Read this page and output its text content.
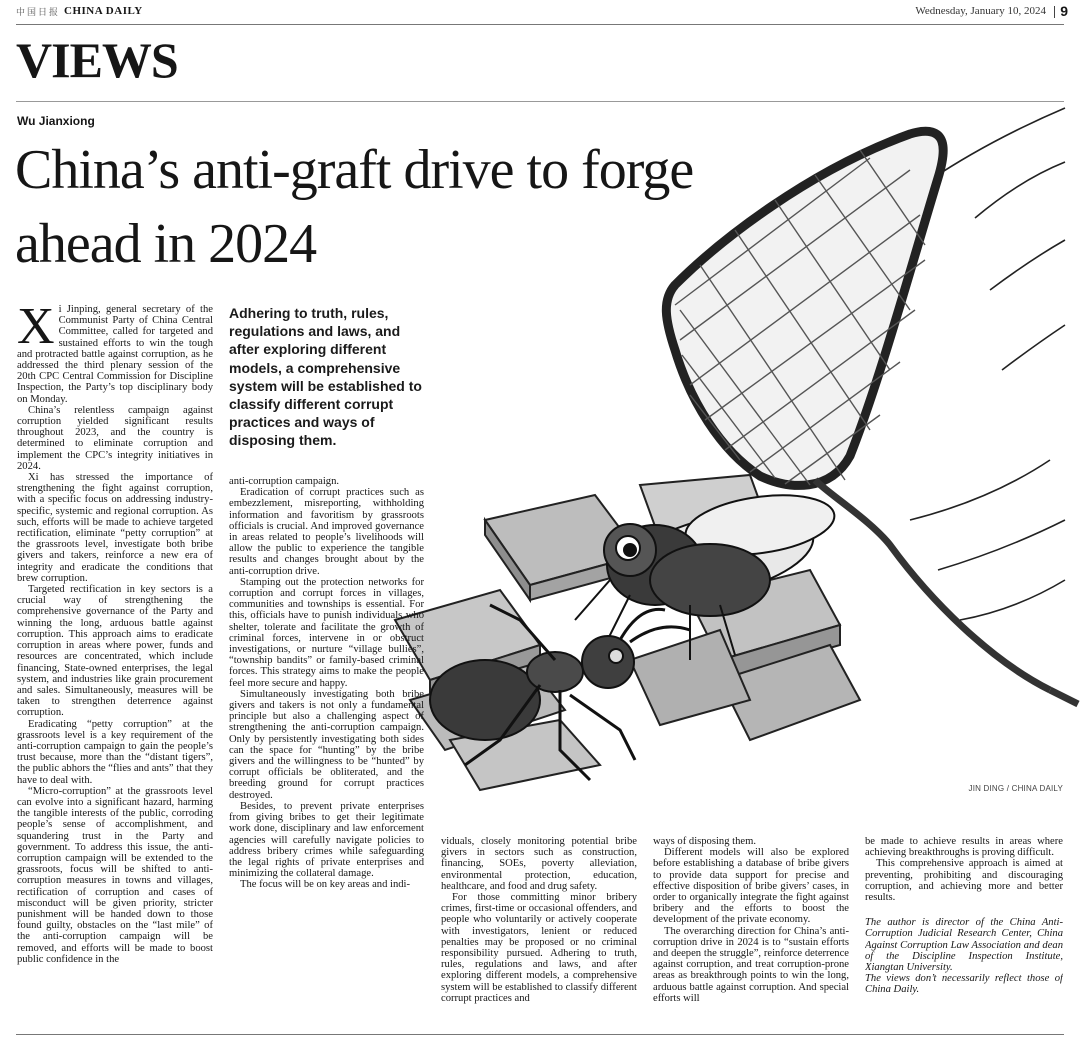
中国日报 CHINA DAILY	Wednesday, January 10, 2024 9
VIEWS
Wu Jianxiong
China’s anti-graft drive to forge ahead in 2024
Adhering to truth, rules, regulations and laws, and after exploring different models, a comprehensive system will be established to classify different corrupt practices and ways of disposing them.

Xi Jinping, general secretary of the Communist Party of China Central Committee, called for targeted and sustained efforts to win the tough and protracted battle against corruption, as he addressed the third plenary session of the 20th CPC Central Commission for Discipline Inspection, the Party’s top disciplinary body on Monday.

China’s relentless campaign against corruption yielded significant results throughout 2023, and the country is determined to eliminate corruption and implement the CPC’s integrity initiatives in 2024.

Xi has stressed the importance of strengthening the fight against corruption, with a specific focus on addressing industry-specific, systemic and regional corruption. As such, efforts will be made to achieve targeted rectification, eliminate “petty corruption” at the grassroots level, investigate both bribe givers and takers, reinforce a new era of integrity and eradicate the conditions that brew corruption.

Targeted rectification in key sectors is a crucial way of strengthening the comprehensive governance of the Party and winning the long, arduous battle against corruption. This approach aims to eradicate corruption in areas where power, funds and resources are concentrated, which include financing, State-owned enterprises, the legal system, and industries like grain procurement and sales. Simultaneously, measures will be taken to strengthen deterrence against corruption.

Eradicating “petty corruption” at the grassroots level is a key requirement of the anti-corruption campaign to gain the people’s trust because, more than the “distant tigers”, the public abhors the “flies and ants” that they have to deal with.

“Micro-corruption” at the grassroots level can evolve into a significant hazard, harming the tangible interests of the public, corroding people’s sense of accomplishment, and squandering trust in the Party and government. To address this issue, the anti-corruption campaign will be extended to the grassroots, focus will be shifted to anti-corruption measures in towns and villages, rectification of corruption and cases of misconduct will be given priority, stricter punishment will be handed down to those found guilty, obstacles on the “last mile” of the anti-corruption campaign will be removed, and efforts will be made to boost public confidence in the

anti-corruption campaign.

Eradication of corrupt practices such as embezzlement, misreporting, withholding information and favoritism by grassroots officials is crucial. And improved governance in areas related to people’s livelihoods will allow the public to experience the tangible results and changes brought about by the anti-corruption drive.

Stamping out the protection networks for corruption and corrupt forces in villages, communities and townships is essential. For this, officials have to punish individuals who shelter, tolerate and facilitate the growth of criminal forces, intervene in or obstruct investigations, or nurture “village bullies”, “township bandits” or family-based criminal forces. This strategy aims to make the people feel more secure and happy.

Simultaneously investigating both bribe givers and takers is not only a fundamental principle but also a challenging aspect of strengthening the anti-corruption campaign. Only by persistently investigating both sides can the space for “hunting” by the bribe givers and the willingness to be “hunted” by corrupt officials be obliterated, and the breeding ground for corrupt practices destroyed.

Besides, to prevent private enterprises from giving bribes to get their legitimate work done, disciplinary and law enforcement agencies will carefully navigate policies to address bribery crimes while safeguarding the legal rights of private enterprises and minimizing the collateral damage.

The focus will be on key areas and indi-

viduals, closely monitoring potential bribe givers in sectors such as construction, financing, SOEs, poverty alleviation, environmental protection, education, healthcare, and food and drug safety.

For those committing minor bribery crimes, first-time or occasional offenders, and people who voluntarily or actively cooperate with investigators, lenient or reduced penalties may be proposed or no criminal responsibility pursued. Adhering to truth, rules, regulations and laws, and after exploring different models, a comprehensive system will be established to classify different corrupt practices and

ways of disposing them.

Different models will also be explored before establishing a database of bribe givers to provide data support for precise and effective disposition of bribe givers’ cases, in order to organically integrate the fight against bribery and the efforts to boost the development of the private economy.

The overarching direction for China’s anti-corruption drive in 2024 is to “sustain efforts and deepen the struggle”, reinforce deterrence against corruption, and treat corruption-prone areas as breakthrough points to win the long, arduous battle against corruption. And special efforts will

be made to achieve results in areas where achieving breakthroughs is proving difficult.

This comprehensive approach is aimed at preventing, prohibiting and discouraging corruption, and achieving more and better results.

The author is director of the China Anti-Corruption Judicial Research Center, China Against Corruption Law Association and dean of the Discipline Inspection Institute, Xiangtan University.

The views don’t necessarily reflect those of China Daily.

JIN DING / CHINA DAILY
